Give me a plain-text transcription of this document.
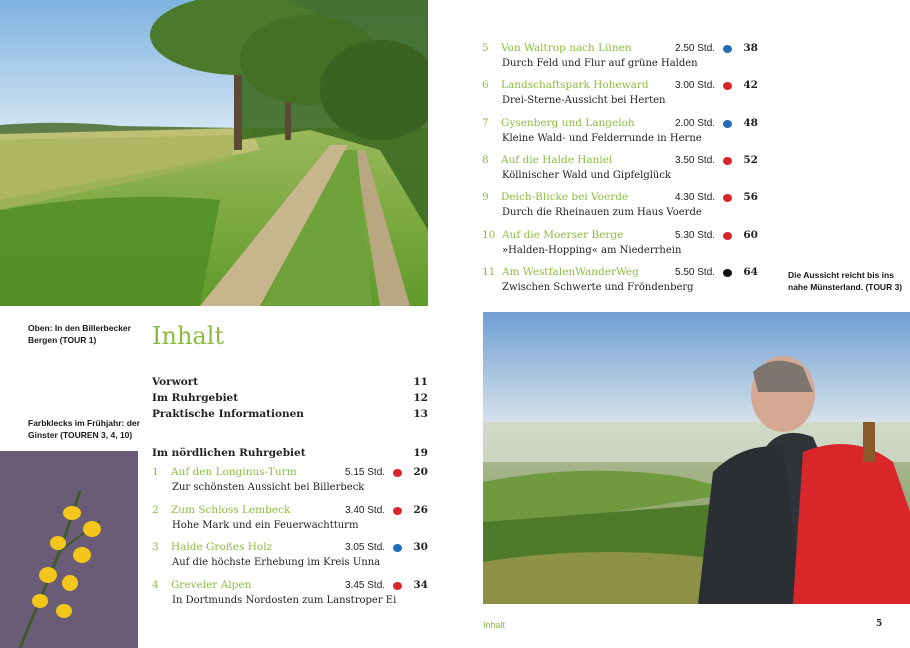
Oben: In den Billerbecker
Bergen (TOUR 1)
Farbklecks im Frühjahr: der
Ginster (TOUREN 3, 4, 10)
Inhalt
Vorwort	11
Im Ruhrgebiet	12
Praktische Informationen	13
Im nördlichen Ruhrgebiet	19
1 Auf den Longinus-Turm	5.15 Std.	20
Zur schönsten Aussicht bei Billerbeck
2 Zum Schloss Lembeck	3.40 Std.	26
Hohe Mark und ein Feuerwachtturm
3 Halde Großes Holz	3.05 Std.	30
Auf die höchste Erhebung im Kreis Unna
4 Greveler Alpen	3.45 Std.	34
In Dortmunds Nordosten zum Lanstroper Ei
5 Von Waltrop nach Lünen	2.50 Std.	38
Durch Feld und Flur auf grüne Halden
6 Landschaftspark Hoheward	3.00 Std.	42
Drei-Sterne-Aussicht bei Herten
7 Gysenberg und Langeloh	2.00 Std.	48
Kleine Wald- und Felderrunde in Herne
8 Auf die Halde Haniel	3.50 Std.	52
Köllnischer Wald und Gipfelglück
9 Deich-Blicke bei Voerde	4.30 Std.	56
Durch die Rheinauen zum Haus Voerde
10 Auf die Moerser Berge	5.30 Std.	60
»Halden-Hopping« am Niederrhein
11 Am WestfalenWanderWeg	5.50 Std.	64
Zwischen Schwerte und Fröndenberg
Die Aussicht reicht bis ins
nahe Münsterland. (TOUR 3)
Inhalt	5
